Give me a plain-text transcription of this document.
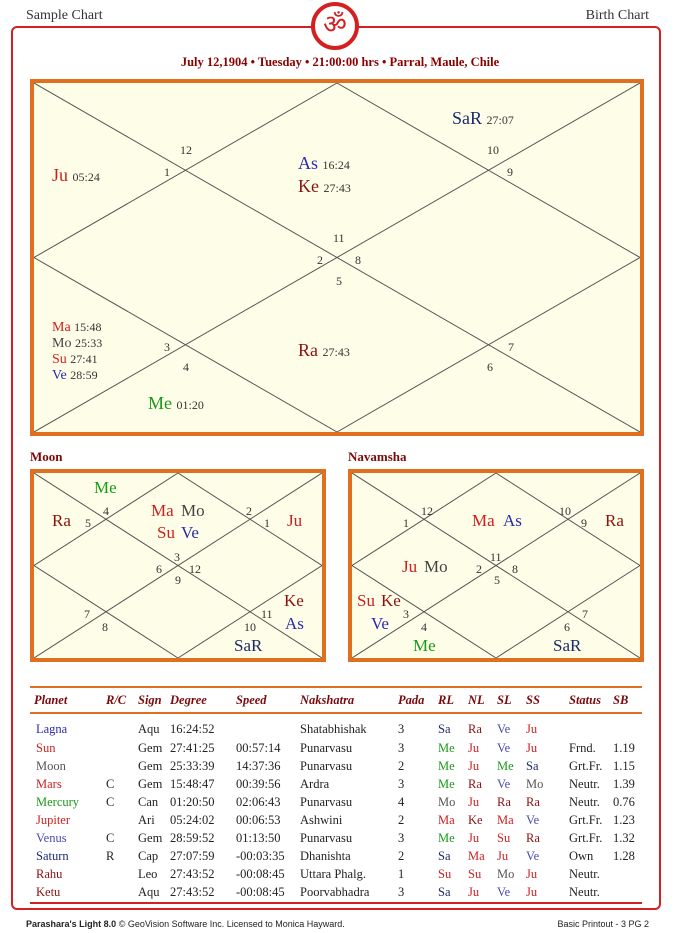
Sample Chart	Birth Chart
ॐ
July 12,1904 • Tuesday • 21:00:00 hrs • Parral, Maule, Chile
12
1
10
9
11
2	8
5
3
4
7
6
Ju 05:24
As 16:24
Ke 27:43
SaR 27:07
Ma 15:48
Mo 25:33
Su 27:41
Ve 28:59
Ra 27:43
Me 01:20
Moon
4
5
2
1
3
6
9
12
7
8
11
10
Me
Ra
Ma Mo
Su Ve
Ju
Ke
As
SaR
Navamsha
12
1
10
9
11
2	8
5
3
4
7
6
Ma As	Ra
Ju Mo
Su Ke
Ve
Me	SaR
Planet	R/C	Sign	Degree	Speed	Nakshatra	Pada	RL	NL	SL	SS	Status	SB
Lagna		Aqu	16:24:52		Shatabhishak	3	Sa	Ra	Ve	Ju		
Sun		Gem	27:41:25	00:57:14	Punarvasu	3	Me	Ju	Ve	Ju	Frnd.	1.19
Moon		Gem	25:33:39	14:37:36	Punarvasu	2	Me	Ju	Me	Sa	Grt.Fr.	1.15
Mars	C	Gem	15:48:47	00:39:56	Ardra	3	Me	Ra	Ve	Mo	Neutr.	1.39
Mercury	C	Can	01:20:50	02:06:43	Punarvasu	4	Mo	Ju	Ra	Ra	Neutr.	0.76
Jupiter		Ari	05:24:02	00:06:53	Ashwini	2	Ma	Ke	Ma	Ve	Grt.Fr.	1.23
Venus	C	Gem	28:59:52	01:13:50	Punarvasu	3	Me	Ju	Su	Ra	Grt.Fr.	1.32
Saturn	R	Cap	27:07:59	-00:03:35	Dhanishta	2	Sa	Ma	Ju	Ve	Own	1.28
Rahu		Leo	27:43:52	-00:08:45	Uttara Phalg.	1	Su	Su	Mo	Ju	Neutr.	
Ketu		Aqu	27:43:52	-00:08:45	Poorvabhadra	3	Sa	Ju	Ve	Ju	Neutr.	
Parashara's Light 8.0 © GeoVision Software Inc. Licensed to Monica Hayward.	Basic Printout - 3 PG 2
